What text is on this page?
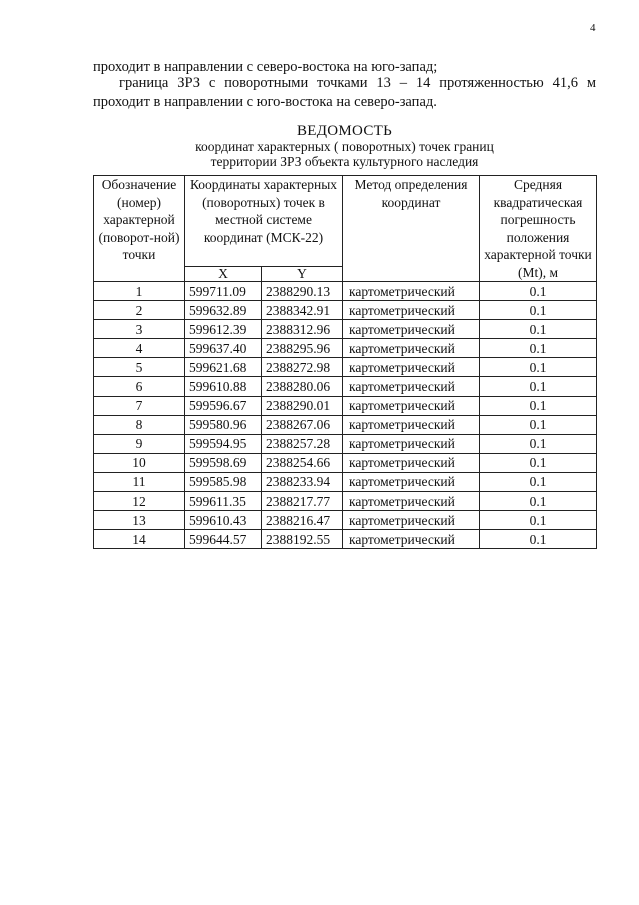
4
проходит в направлении с северо-востока на юго-запад;
граница ЗРЗ с поворотными точками 13 – 14 протяженностью 41,6 м проходит в направлении с юго-востока на северо-запад.
ВЕДОМОСТЬ
координат характерных ( поворотных) точек границ
территории ЗРЗ объекта культурного наследия
Обозначение (номер) характерной (поворот-ной) точки	Координаты характерных (поворотных) точек в местной системе координат (МСК-22)		Метод определения координат	Средняя квадратическая погрешность положения характерной точки (Mt), м
	X	Y		
1	599711.09	2388290.13	картометрический	0.1
2	599632.89	2388342.91	картометрический	0.1
3	599612.39	2388312.96	картометрический	0.1
4	599637.40	2388295.96	картометрический	0.1
5	599621.68	2388272.98	картометрический	0.1
6	599610.88	2388280.06	картометрический	0.1
7	599596.67	2388290.01	картометрический	0.1
8	599580.96	2388267.06	картометрический	0.1
9	599594.95	2388257.28	картометрический	0.1
10	599598.69	2388254.66	картометрический	0.1
11	599585.98	2388233.94	картометрический	0.1
12	599611.35	2388217.77	картометрический	0.1
13	599610.43	2388216.47	картометрический	0.1
14	599644.57	2388192.55	картометрический	0.1
